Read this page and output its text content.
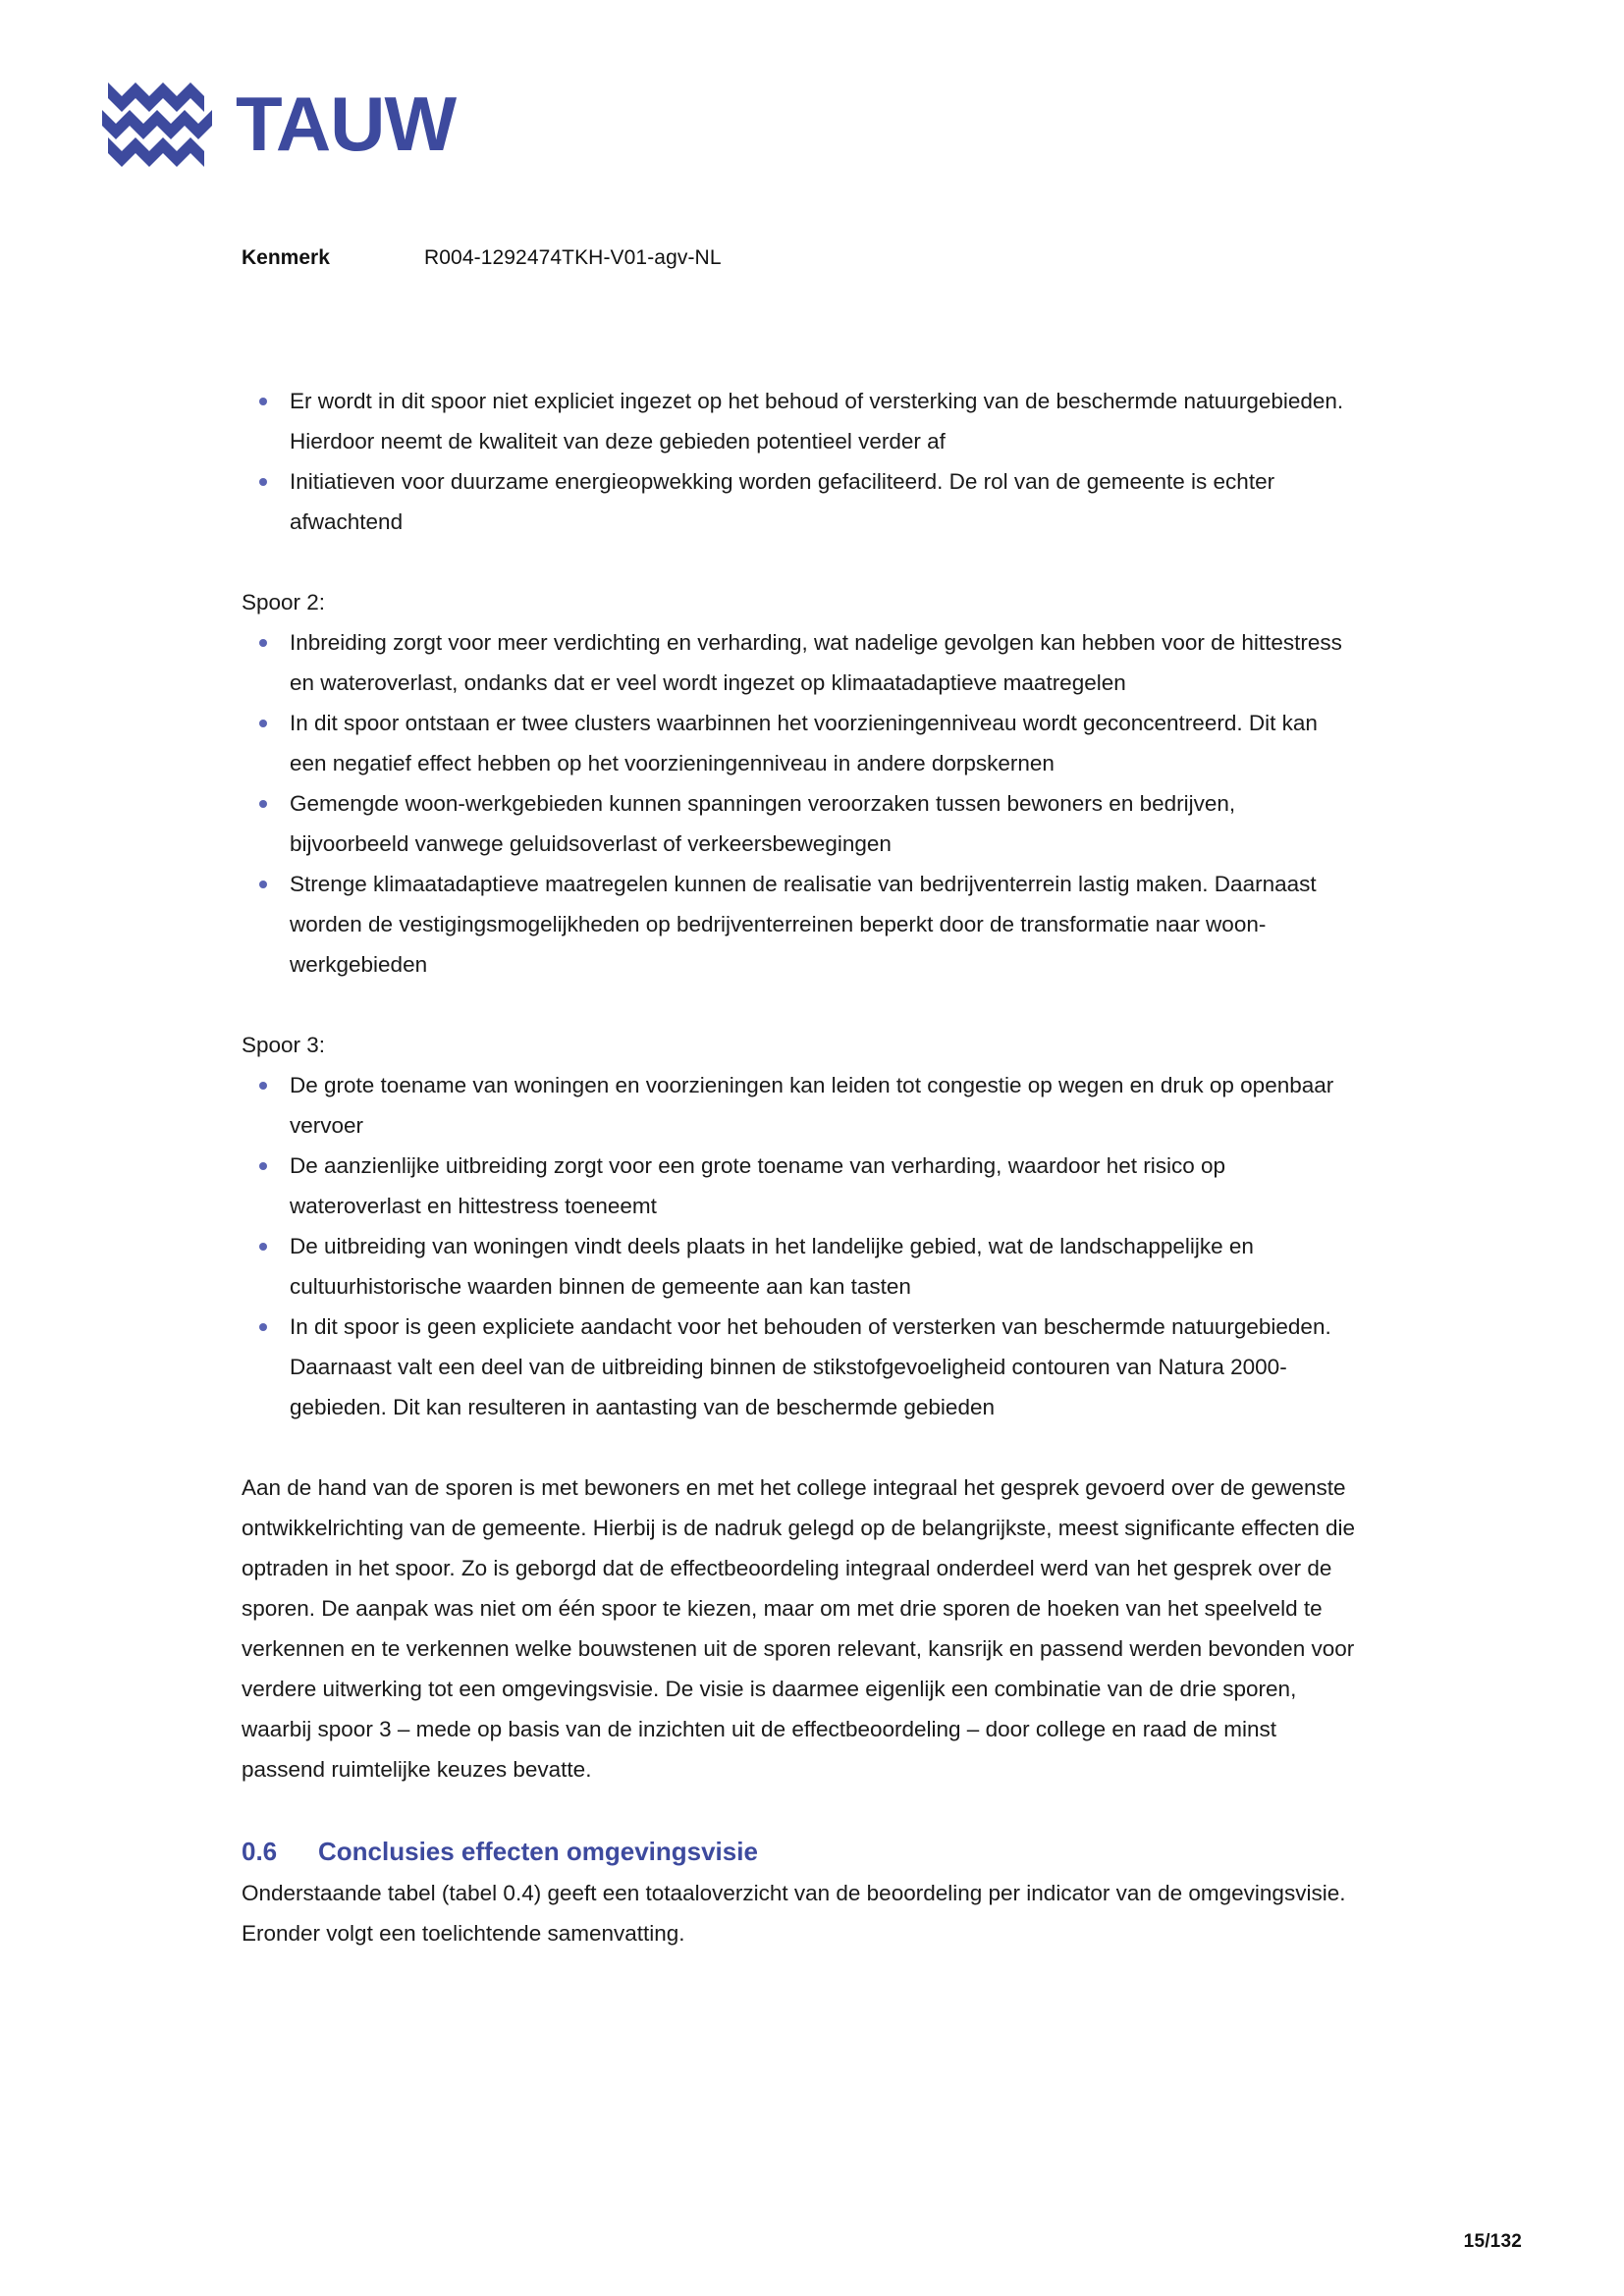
TAUW
Kenmerk	R004-1292474TKH-V01-agv-NL
Er wordt in dit spoor niet expliciet ingezet op het behoud of versterking van de beschermde natuurgebieden. Hierdoor neemt de kwaliteit van deze gebieden potentieel verder af
Initiatieven voor duurzame energieopwekking worden gefaciliteerd. De rol van de gemeente is echter afwachtend

Spoor 2:

Inbreiding zorgt voor meer verdichting en verharding, wat nadelige gevolgen kan hebben voor de hittestress en wateroverlast, ondanks dat er veel wordt ingezet op klimaatadaptieve maatregelen
In dit spoor ontstaan er twee clusters waarbinnen het voorzieningenniveau wordt geconcentreerd. Dit kan een negatief effect hebben op het voorzieningenniveau in andere dorpskernen
Gemengde woon-werkgebieden kunnen spanningen veroorzaken tussen bewoners en bedrijven, bijvoorbeeld vanwege geluidsoverlast of verkeersbewegingen
Strenge klimaatadaptieve maatregelen kunnen de realisatie van bedrijventerrein lastig maken. Daarnaast worden de vestigingsmogelijkheden op bedrijventerreinen beperkt door de transformatie naar woon-werkgebieden

Spoor 3:

De grote toename van woningen en voorzieningen kan leiden tot congestie op wegen en druk op openbaar vervoer
De aanzienlijke uitbreiding zorgt voor een grote toename van verharding, waardoor het risico op wateroverlast en hittestress toeneemt
De uitbreiding van woningen vindt deels plaats in het landelijke gebied, wat de landschappelijke en cultuurhistorische waarden binnen de gemeente aan kan tasten
In dit spoor is geen expliciete aandacht voor het behouden of versterken van beschermde natuurgebieden. Daarnaast valt een deel van de uitbreiding binnen de stikstofgevoeligheid contouren van Natura 2000-gebieden. Dit kan resulteren in aantasting van de beschermde gebieden

Aan de hand van de sporen is met bewoners en met het college integraal het gesprek gevoerd over de gewenste ontwikkelrichting van de gemeente. Hierbij is de nadruk gelegd op de belangrijkste, meest significante effecten die optraden in het spoor. Zo is geborgd dat de effectbeoordeling integraal onderdeel werd van het gesprek over de sporen. De aanpak was niet om één spoor te kiezen, maar om met drie sporen de hoeken van het speelveld te verkennen en te verkennen welke bouwstenen uit de sporen relevant, kansrijk en passend werden bevonden voor verdere uitwerking tot een omgevingsvisie. De visie is daarmee eigenlijk een combinatie van de drie sporen, waarbij spoor 3 – mede op basis van de inzichten uit de effectbeoordeling – door college en raad de minst passend ruimtelijke keuzes bevatte.

0.6	Conclusies effecten omgevingsvisie

Onderstaande tabel (tabel 0.4) geeft een totaaloverzicht van de beoordeling per indicator van de omgevingsvisie. Eronder volgt een toelichtende samenvatting.

15/132
